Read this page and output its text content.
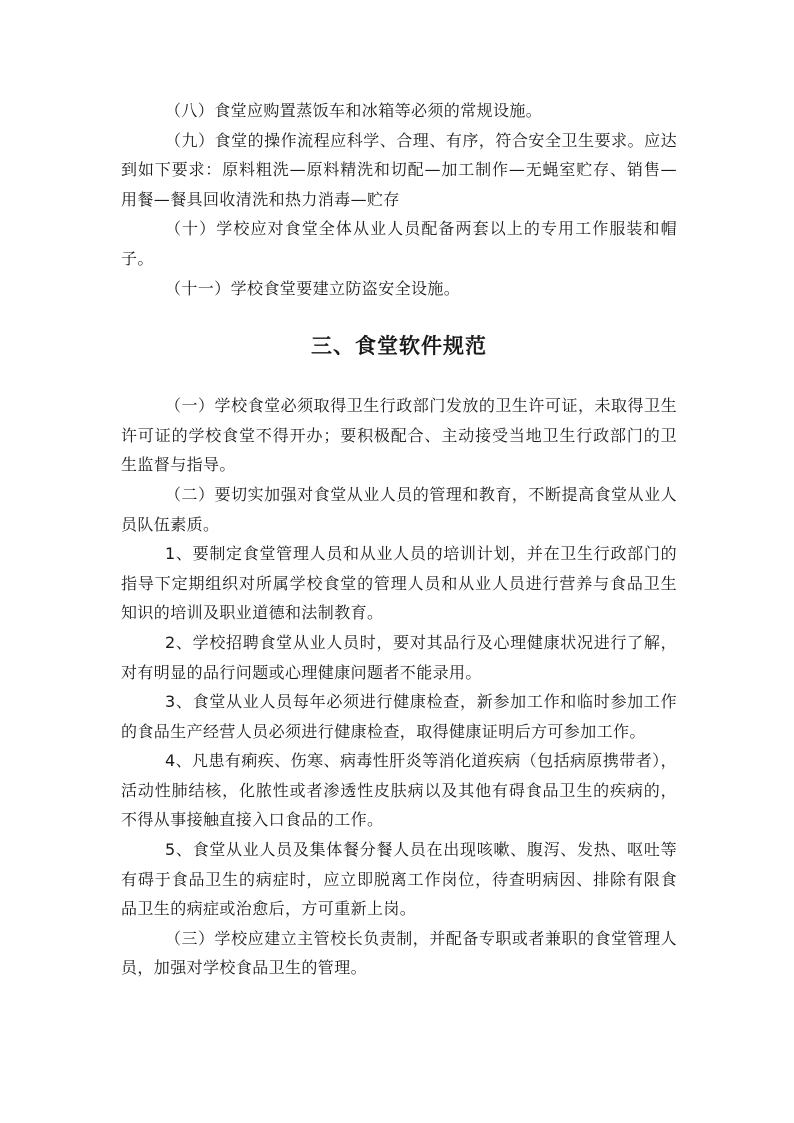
（八）食堂应购置蒸饭车和冰箱等必须的常规设施。

（九）食堂的操作流程应科学、合理、有序，符合安全卫生要求。应达到如下要求：原料粗洗—原料精洗和切配—加工制作—无蝇室贮存、销售—用餐—餐具回收清洗和热力消毒—贮存

（十）学校应对食堂全体从业人员配备两套以上的专用工作服装和帽子。

（十一）学校食堂要建立防盗安全设施。

三、食堂软件规范

（一）学校食堂必须取得卫生行政部门发放的卫生许可证，未取得卫生许可证的学校食堂不得开办；要积极配合、主动接受当地卫生行政部门的卫生监督与指导。

（二）要切实加强对食堂从业人员的管理和教育，不断提高食堂从业人员队伍素质。

1、要制定食堂管理人员和从业人员的培训计划，并在卫生行政部门的指导下定期组织对所属学校食堂的管理人员和从业人员进行营养与食品卫生知识的培训及职业道德和法制教育。

2、学校招聘食堂从业人员时，要对其品行及心理健康状况进行了解，对有明显的品行问题或心理健康问题者不能录用。

3、食堂从业人员每年必须进行健康检查，新参加工作和临时参加工作的食品生产经营人员必须进行健康检查，取得健康证明后方可参加工作。

4、凡患有痢疾、伤寒、病毒性肝炎等消化道疾病（包括病原携带者），活动性肺结核，化脓性或者渗透性皮肤病以及其他有碍食品卫生的疾病的，不得从事接触直接入口食品的工作。

5、食堂从业人员及集体餐分餐人员在出现咳嗽、腹泻、发热、呕吐等有碍于食品卫生的病症时，应立即脱离工作岗位，待查明病因、排除有限食品卫生的病症或治愈后，方可重新上岗。

（三）学校应建立主管校长负责制，并配备专职或者兼职的食堂管理人员，加强对学校食品卫生的管理。
